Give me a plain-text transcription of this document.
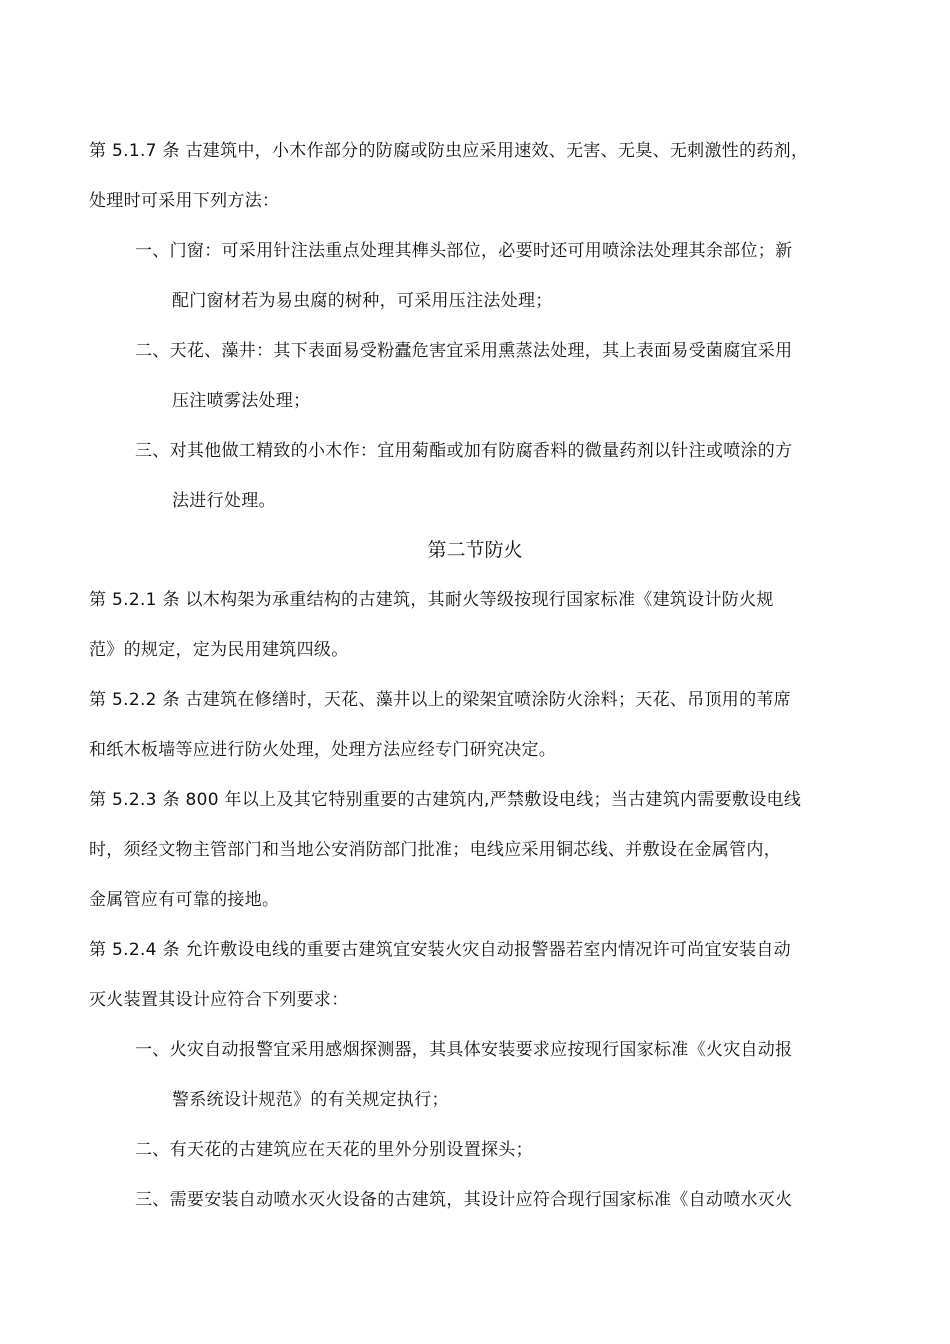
第 5.1.7 条 古建筑中，小木作部分的防腐或防虫应采用速效、无害、无臭、无刺激性的药剂，
处理时可采用下列方法：
一、门窗：可采用针注法重点处理其榫头部位，必要时还可用喷涂法处理其余部位；新
配门窗材若为易虫腐的树种，可采用压注法处理；
二、天花、藻井：其下表面易受粉蠹危害宜采用熏蒸法处理，其上表面易受菌腐宜采用
压注喷雾法处理；
三、对其他做工精致的小木作：宜用菊酯或加有防腐香料的微量药剂以针注或喷涂的方
法进行处理。
第二节防火
第 5.2.1 条 以木构架为承重结构的古建筑，其耐火等级按现行国家标准《建筑设计防火规
范》的规定，定为民用建筑四级。
第 5.2.2 条 古建筑在修缮时，天花、藻井以上的梁架宜喷涂防火涂料；天花、吊顶用的苇席
和纸木板墙等应进行防火处理，处理方法应经专门研究决定。
第 5.2.3 条 800 年以上及其它特别重要的古建筑内,严禁敷设电线；当古建筑内需要敷设电线
时，须经文物主管部门和当地公安消防部门批准；电线应采用铜芯线、并敷设在金属管内，
金属管应有可靠的接地。
第 5.2.4 条 允许敷设电线的重要古建筑宜安装火灾自动报警器若室内情况许可尚宜安装自动
灭火装置其设计应符合下列要求：
一、火灾自动报警宜采用感烟探测器，其具体安装要求应按现行国家标准《火灾自动报
警系统设计规范》的有关规定执行；
二、有天花的古建筑应在天花的里外分别设置探头；
三、需要安装自动喷水灭火设备的古建筑，其设计应符合现行国家标准《自动喷水灭火
